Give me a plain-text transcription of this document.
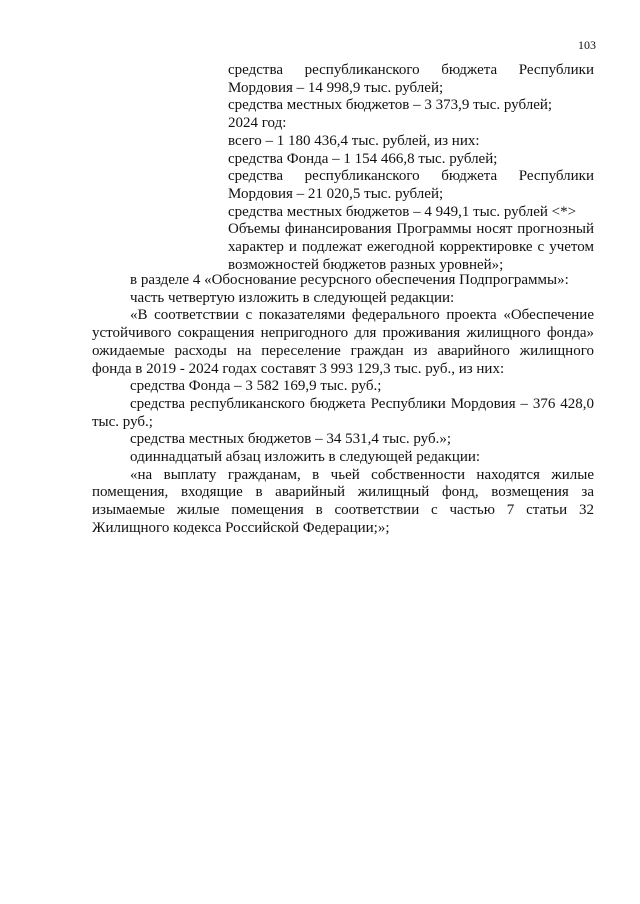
103

средства республиканского бюджета Республики Мордовия – 14 998,9 тыс. рублей;

средства местных бюджетов – 3 373,9 тыс. рублей;

2024 год:

всего – 1 180 436,4 тыс. рублей, из них:

средства Фонда – 1 154 466,8 тыс. рублей;

средства республиканского бюджета Республики Мордовия – 21 020,5 тыс. рублей;

средства местных бюджетов – 4 949,1 тыс. рублей <*>

Объемы финансирования Программы носят прогнозный характер и подлежат ежегодной корректировке с учетом возможностей бюджетов разных уровней»;

в разделе 4 «Обоснование ресурсного обеспечения Подпрограммы»:

часть четвертую изложить в следующей редакции:

«В соответствии с показателями федерального проекта «Обеспечение устойчивого сокращения непригодного для проживания жилищного фонда» ожидаемые расходы на переселение граждан из аварийного жилищного фонда в 2019 - 2024 годах составят 3 993 129,3 тыс. руб., из них:

средства Фонда – 3 582 169,9 тыс. руб.;

средства республиканского бюджета Республики Мордовия – 376 428,0 тыс. руб.;

средства местных бюджетов – 34 531,4 тыс. руб.»;

одиннадцатый абзац изложить в следующей редакции:

«на выплату гражданам, в чьей собственности находятся жилые помещения, входящие в аварийный жилищный фонд, возмещения за изымаемые жилые помещения в соответствии с частью 7 статьи 32 Жилищного кодекса Российской Федерации;»;
